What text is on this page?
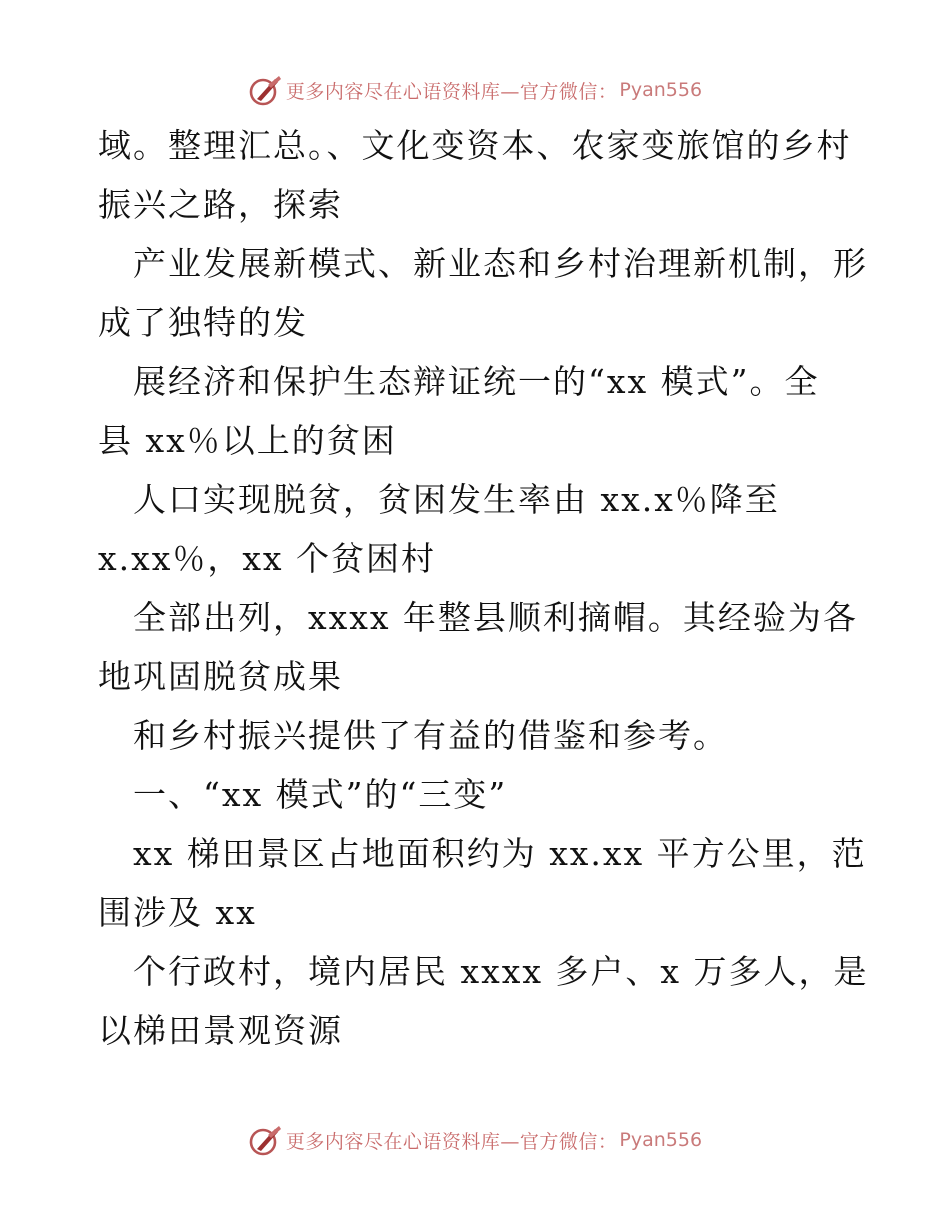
更多内容尽在心语资料库—官方微信： Pyan556
域。整理汇总。、文化变资本、农家变旅馆的乡村
振兴之路，探索
产业发展新模式、新业态和乡村治理新机制，形
成了独特的发
展经济和保护生态辩证统一的“xx 模式”。全
县 xx％以上的贫困
人口实现脱贫，贫困发生率由 xx.x％降至
x.xx％，xx 个贫困村
全部出列，xxxx 年整县顺利摘帽。其经验为各
地巩固脱贫成果
和乡村振兴提供了有益的借鉴和参考。
一、“xx 模式”的“三变”
xx 梯田景区占地面积约为 xx.xx 平方公里，范
围涉及 xx
个行政村，境内居民 xxxx 多户、x 万多人，是
以梯田景观资源
更多内容尽在心语资料库—官方微信： Pyan556
